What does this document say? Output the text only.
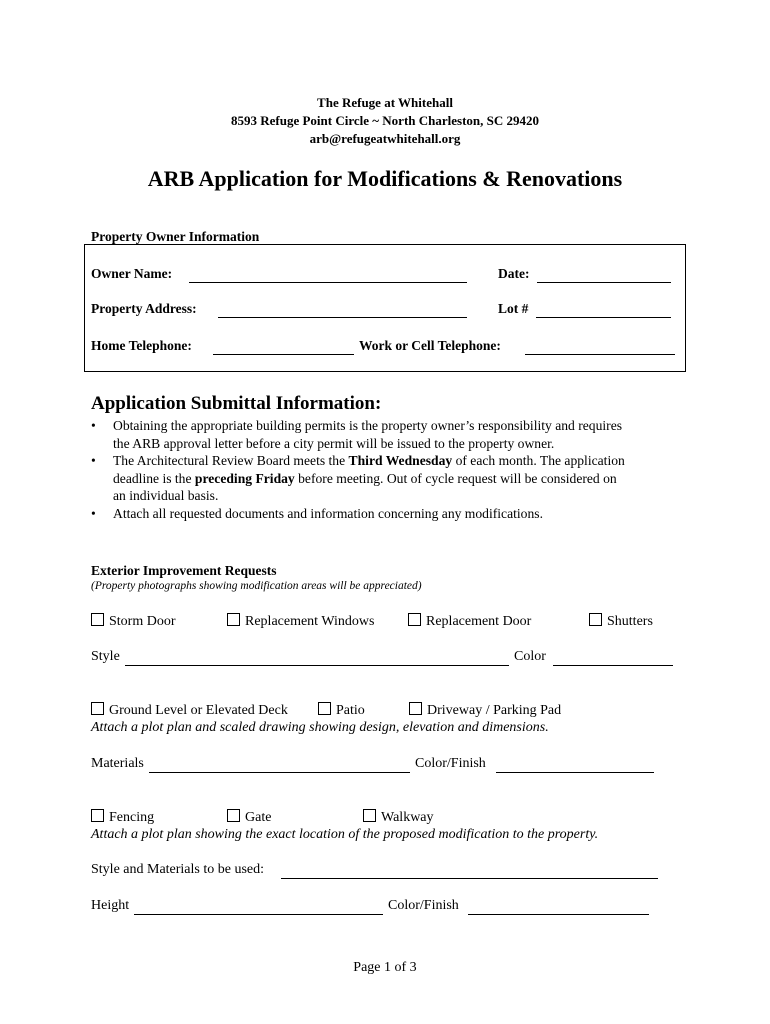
The Refuge at Whitehall
8593 Refuge Point Circle ~ North Charleston, SC 29420
arb@refugeatwhitehall.org
ARB Application for Modifications & Renovations
Property Owner Information
Owner Name:	Date:
Property Address:	Lot #
Home Telephone:	Work or Cell Telephone:
Application Submittal Information:
• Obtaining the appropriate building permits is the property owner’s responsibility and requires
the ARB approval letter before a city permit will be issued to the property owner.
• The Architectural Review Board meets the Third Wednesday of each month. The application
deadline is the preceding Friday before meeting. Out of cycle request will be considered on
an individual basis.
• Attach all requested documents and information concerning any modifications.
Exterior Improvement Requests
(Property photographs showing modification areas will be appreciated)
Storm Door	Replacement Windows	Replacement Door	Shutters
Style	Color
Ground Level or Elevated Deck	Patio	Driveway / Parking Pad
Attach a plot plan and scaled drawing showing design, elevation and dimensions.
Materials	Color/Finish
Fencing	Gate	Walkway
Attach a plot plan showing the exact location of the proposed modification to the property.
Style and Materials to be used:
Height	Color/Finish
Page 1 of 3
